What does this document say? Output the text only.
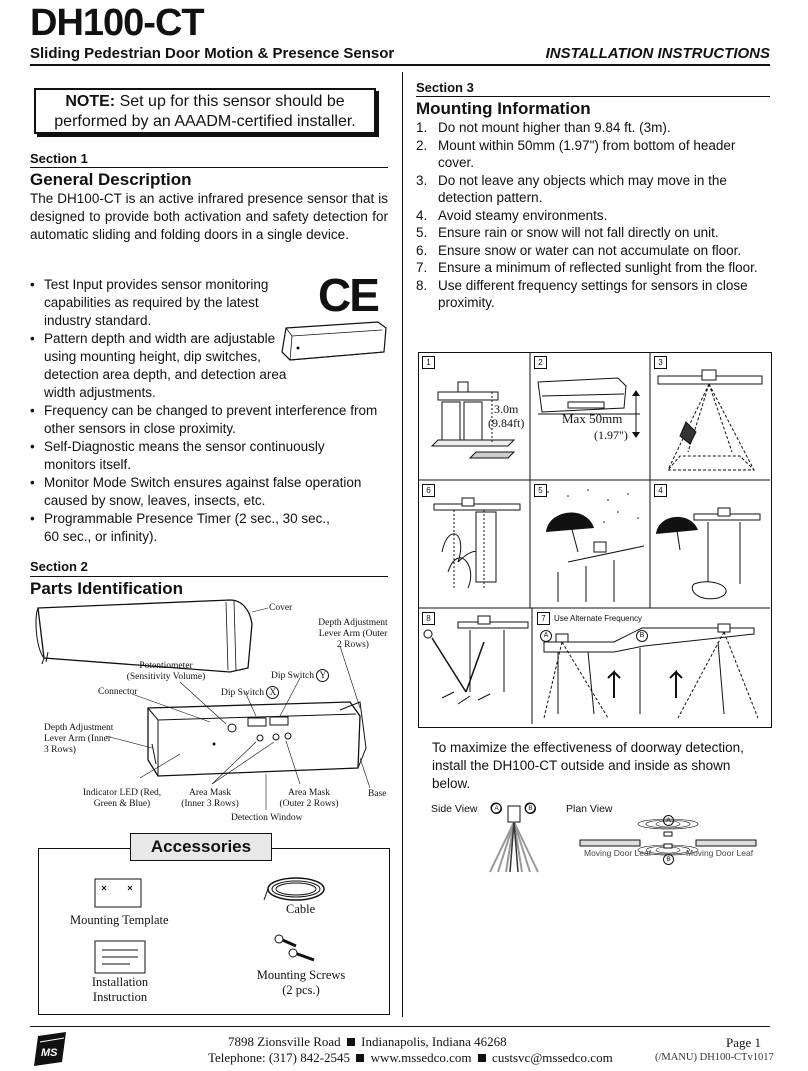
DH100-CT
Sliding Pedestrian Door Motion & Presence Sensor	INSTALLATION INSTRUCTIONS
NOTE: Set up for this sensor should be performed by an AAADM-certified installer.
Section 1
General Description
The DH100-CT is an active infrared presence sensor that is designed to provide both activation and safety detection for automatic sliding and folding doors in a single device.
• Test Input provides sensor monitoring capabilities as required by the latest industry standard.
• Pattern depth and width are adjustable using mounting height, dip switches, detection area depth, and detection area width adjustments.
• Frequency can be changed to prevent interference from other sensors in close proximity.
• Self-Diagnostic means the sensor continuously monitors itself.
• Monitor Mode Switch ensures against false operation caused by snow, leaves, insects, etc.
• Programmable Presence Timer (2 sec., 30 sec., 60 sec., or infinity).
CE
Section 2
Parts Identification
Cover
Depth Adjustment Lever Arm (Outer 2 Rows)
Potentiometer (Sensitivity Volume)	Dip Switch Y
Connector	Dip Switch X
Depth Adjustment Lever Arm (Inner 3 Rows)
Indicator LED (Red, Green & Blue)
Area Mask (Inner 3 Rows)
Area Mask (Outer 2 Rows)
Base
Detection Window
Accessories
Mounting Template
Cable
Installation Instruction
Mounting Screws
(2 pcs.)
Section 3
Mounting Information
1. Do not mount higher than 9.84 ft. (3m).
2. Mount within 50mm (1.97") from bottom of header cover.
3. Do not leave any objects which may move in the detection pattern.
4. Avoid steamy environments.
5. Ensure rain or snow will not fall directly on unit.
6. Ensure snow or water can not accumulate on floor.
7. Ensure a minimum of reflected sunlight from the floor.
8. Use different frequency settings for sensors in close proximity.
1	2	3
6	5	4
8	7
3.0m
(9.84ft)	Max 50mm
(1.97")
Use Alternate Frequency
A	B
To maximize the effectiveness of doorway detection, install the DH100-CT outside and inside as shown below.
Side View	Plan View
A	B
A
B
Moving Door Leaf	Moving Door Leaf
MS
7898 Zionsville Road Indianapolis, Indiana 46268
Telephone: (317) 842-2545 www.mssedco.com custsvc@mssedco.com
Page 1
(/MANU) DH100-CTv1017
